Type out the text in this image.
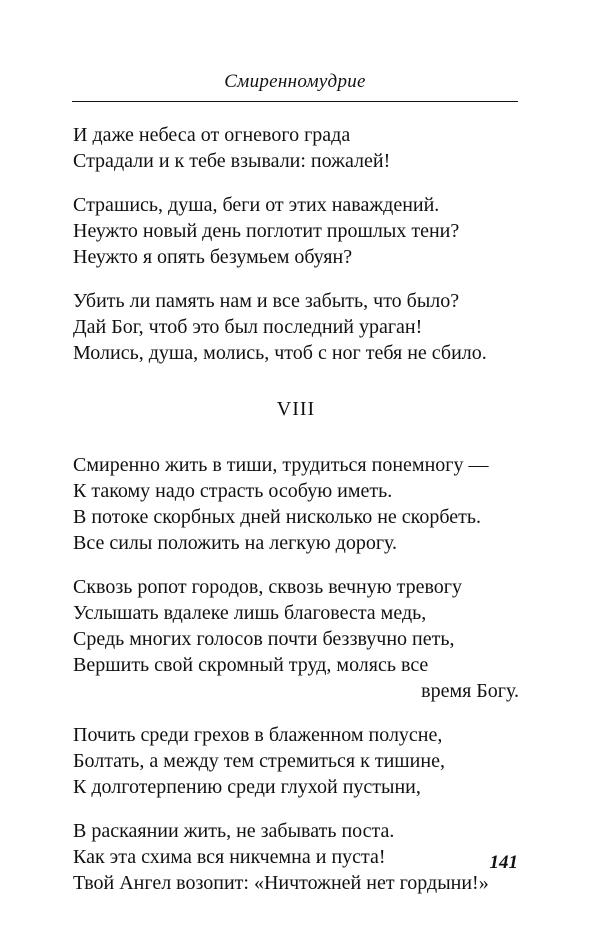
Смиренномудрие
И даже небеса от огневого града
Страдали и к тебе взывали: пожалей!
Страшись, душа, беги от этих наваждений.
Неужто новый день поглотит прошлых тени?
Неужто я опять безумьем обуян?
Убить ли память нам и все забыть, что было?
Дай Бог, чтоб это был последний ураган!
Молись, душа, молись, чтоб с ног тебя не сбило.
VIII
Смиренно жить в тиши, трудиться понемногу —
К такому надо страсть особую иметь.
В потоке скорбных дней нисколько не скорбеть.
Все силы положить на легкую дорогу.
Сквозь ропот городов, сквозь вечную тревогу
Услышать вдалеке лишь благовеста медь,
Средь многих голосов почти беззвучно петь,
Вершить свой скромный труд, молясь все
время Богу.
Почить среди грехов в блаженном полусне,
Болтать, а между тем стремиться к тишине,
К долготерпению среди глухой пустыни,
В раскаянии жить, не забывать поста.
Как эта схима вся никчемна и пуста!
Твой Ангел возопит: «Ничтожней нет гордыни!»
141
